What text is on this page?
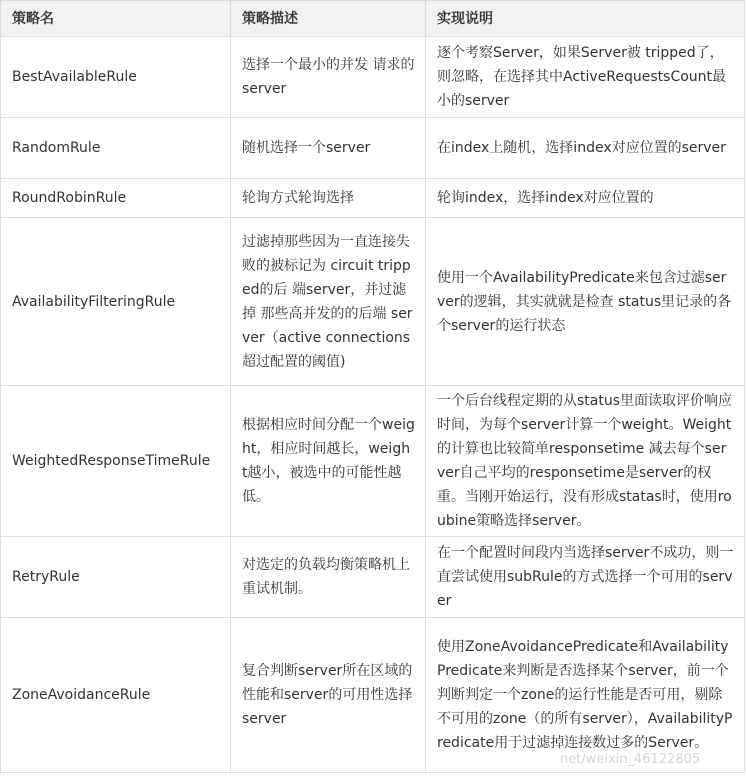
策略名	策略描述	实现说明
BestAvailableRule	选择一个最小的并发 请求的server	逐个考察Server，如果Server被 tripped了，则忽略，在选择其中ActiveRequestsCount最小的server
RandomRule	随机选择一个server	在index上随机，选择index对应位置的server
RoundRobinRule	轮询方式轮询选择	轮询index，选择index对应位置的
AvailabilityFilteringRule	过滤掉那些因为一直连接失败的被标记为 circuit tripped的后 端server，并过滤掉 那些高并发的的后端 server（active connections 超过配置的阈值)	使用一个AvailabilityPredicate来包含过滤server的逻辑，其实就就是检查 status里记录的各个server的运行状态
WeightedResponseTimeRule	根据相应时间分配一个weight，相应时间越长，weight越小，被选中的可能性越低。	一个后台线程定期的从status里面读取评价响应时间，为每个server计算一个weight。Weight的计算也比较简单responsetime 减去每个server自己平均的responsetime是server的权重。当刚开始运行，没有形成statas时，使用roubine策略选择server。
RetryRule	对选定的负载均衡策略机上重试机制。	在一个配置时间段内当选择server不成功，则一直尝试使用subRule的方式选择一个可用的server
ZoneAvoidanceRule	复合判断server所在区域的性能和server的可用性选择server	使用ZoneAvoidancePredicate和AvailabilityPredicate来判断是否选择某个server，前一个判断判定一个zone的运行性能是否可用，剔除不可用的zone（的所有server），AvailabilityPredicate用于过滤掉连接数过多的Server。
net/weixin_46122805
